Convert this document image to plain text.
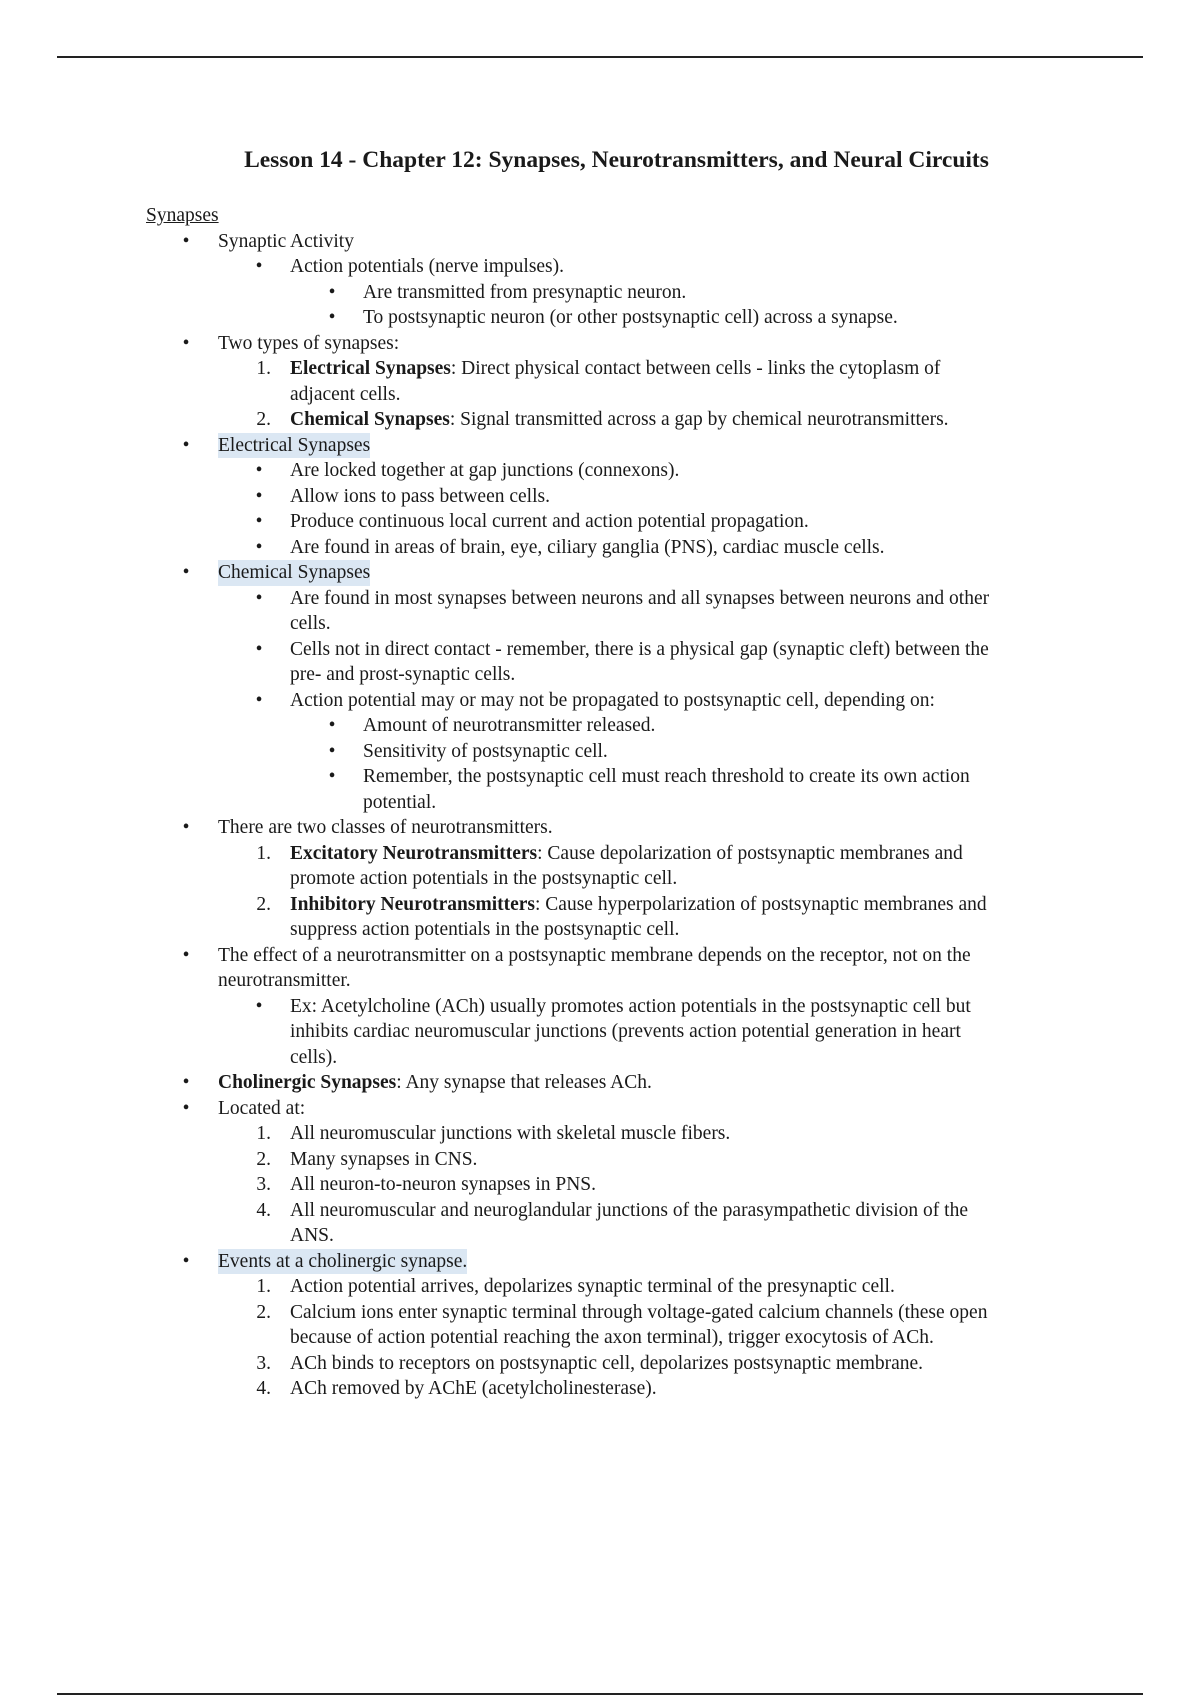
Lesson 14 - Chapter 12: Synapses, Neurotransmitters, and Neural Circuits
Synapses
•	Synaptic Activity
•	Action potentials (nerve impulses).
•	Are transmitted from presynaptic neuron.
•	To postsynaptic neuron (or other postsynaptic cell) across a synapse.
•	Two types of synapses:
1. Electrical Synapses: Direct physical contact between cells - links the cytoplasm of
adjacent cells.
2. Chemical Synapses: Signal transmitted across a gap by chemical neurotransmitters.
•	Electrical Synapses
•	Are locked together at gap junctions (connexons).
•	Allow ions to pass between cells.
•	Produce continuous local current and action potential propagation.
•	Are found in areas of brain, eye, ciliary ganglia (PNS), cardiac muscle cells.
•	Chemical Synapses
•	Are found in most synapses between neurons and all synapses between neurons and other
cells.
•	Cells not in direct contact - remember, there is a physical gap (synaptic cleft) between the
pre- and prost-synaptic cells.
•	Action potential may or may not be propagated to postsynaptic cell, depending on:
•	Amount of neurotransmitter released.
•	Sensitivity of postsynaptic cell.
•	Remember, the postsynaptic cell must reach threshold to create its own action
potential.
•	There are two classes of neurotransmitters.
1. Excitatory Neurotransmitters: Cause depolarization of postsynaptic membranes and
promote action potentials in the postsynaptic cell.
2. Inhibitory Neurotransmitters: Cause hyperpolarization of postsynaptic membranes and
suppress action potentials in the postsynaptic cell.
•	The effect of a neurotransmitter on a postsynaptic membrane depends on the receptor, not on the
neurotransmitter.
•	Ex: Acetylcholine (ACh) usually promotes action potentials in the postsynaptic cell but
inhibits cardiac neuromuscular junctions (prevents action potential generation in heart
cells).
•	Cholinergic Synapses: Any synapse that releases ACh.
•	Located at:
1. All neuromuscular junctions with skeletal muscle fibers.
2. Many synapses in CNS.
3. All neuron-to-neuron synapses in PNS.
4. All neuromuscular and neuroglandular junctions of the parasympathetic division of the
ANS.
•	Events at a cholinergic synapse.
1. Action potential arrives, depolarizes synaptic terminal of the presynaptic cell.
2. Calcium ions enter synaptic terminal through voltage-gated calcium channels (these open
because of action potential reaching the axon terminal), trigger exocytosis of ACh.
3. ACh binds to receptors on postsynaptic cell, depolarizes postsynaptic membrane.
4. ACh removed by AChE (acetylcholinesterase).
